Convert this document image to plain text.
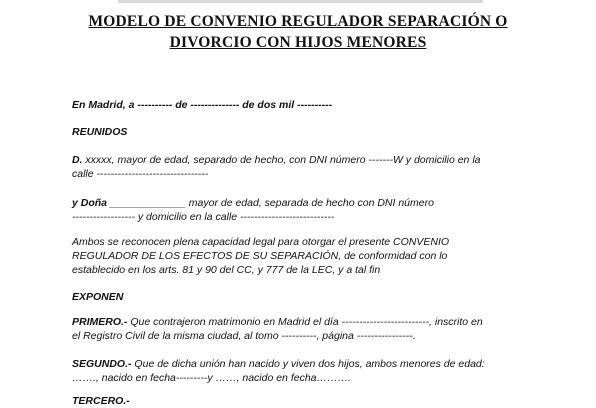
MODELO DE CONVENIO REGULADOR SEPARACIÓN O
DIVORCIO CON HIJOS MENORES

En Madrid, a ---------- de -------------- de dos mil ----------

REUNIDOS

D. xxxxx, mayor de edad, separado de hecho, con DNI número -------W y domicilio en la
calle --------------------------------

y Doña _____________ mayor de edad, separada de hecho con DNI número
------------------ y domicilio en la calle ---------------------------

Ambos se reconocen plena capacidad legal para otorgar el presente CONVENIO
REGULADOR DE LOS EFECTOS DE SU SEPARACIÓN, de conformidad con lo
establecido en los arts. 81 y 90 del CC, y 777 de la LEC, y a tal fin

EXPONEN

PRIMERO.- Que contrajeron matrimonio en Madrid el día -------------------------, inscrito en
el Registro Civil de la misma ciudad, al tomo ----------, página ----------------.

SEGUNDO.- Que de dicha unión han nacido y viven dos hijos, ambos menores de edad:
……., nacido en fecha---------y ……, nacido en fecha……….

TERCERO.-
